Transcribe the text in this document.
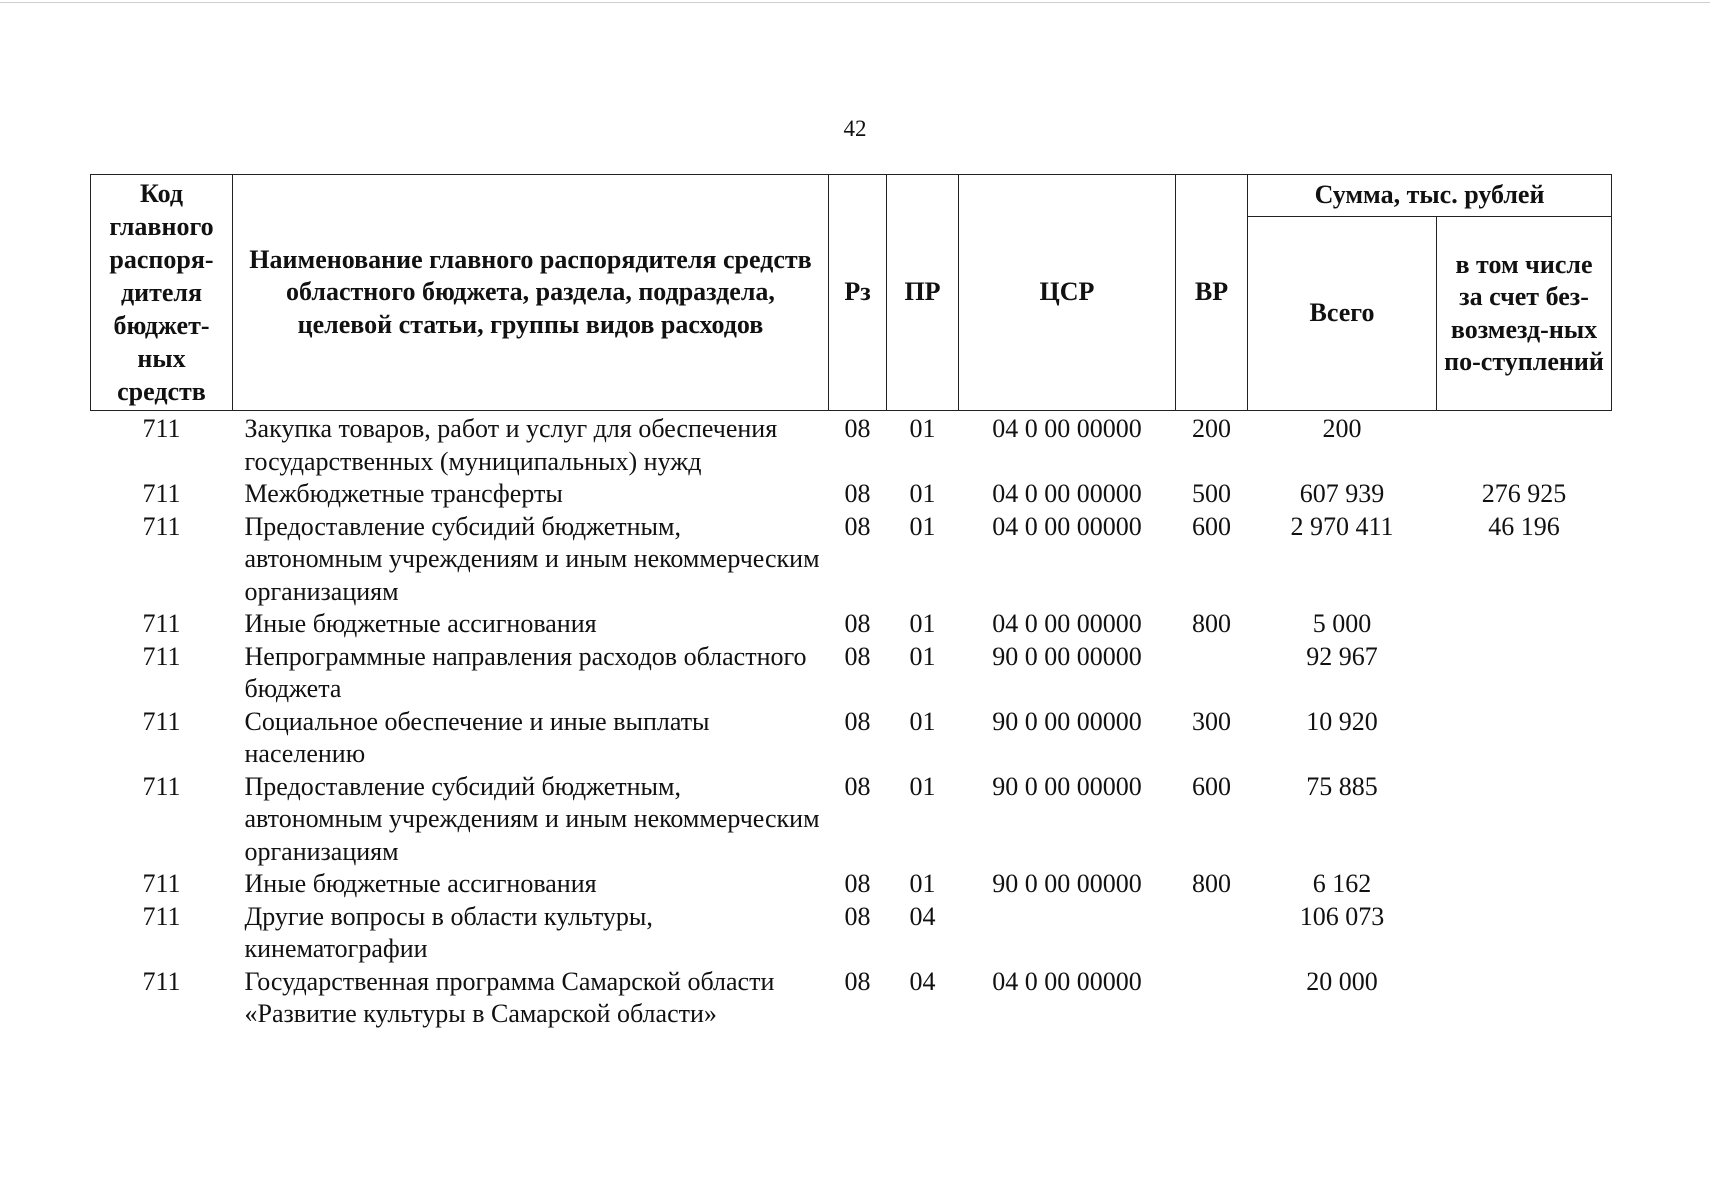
42
Код главного распоря-дителя бюджет-ных средств	Наименование главного распорядителя средств областного бюджета, раздела, подраздела, целевой статьи, группы видов расходов	Рз	ПР	ЦСР	ВР	Сумма, тыс. рублей	
						Всего	в том числе за счет без-возмезд-ных по-ступлений
711	Закупка товаров, работ и услуг для обеспечения государственных (муниципальных) нужд	08	01	04 0 00 00000	200	200	
711	Межбюджетные трансферты	08	01	04 0 00 00000	500	607 939	276 925
711	Предоставление субсидий бюджетным, автономным учреждениям и иным некоммерческим организациям	08	01	04 0 00 00000	600	2 970 411	46 196
711	Иные бюджетные ассигнования	08	01	04 0 00 00000	800	5 000	
711	Непрограммные направления расходов областного бюджета	08	01	90 0 00 00000		92 967	
711	Социальное обеспечение и иные выплаты населению	08	01	90 0 00 00000	300	10 920	
711	Предоставление субсидий бюджетным, автономным учреждениям и иным некоммерческим организациям	08	01	90 0 00 00000	600	75 885	
711	Иные бюджетные ассигнования	08	01	90 0 00 00000	800	6 162	
711	Другие вопросы в области культуры, кинематографии	08	04			106 073	
711	Государственная программа Самарской области «Развитие культуры в Самарской области»	08	04	04 0 00 00000		20 000	
